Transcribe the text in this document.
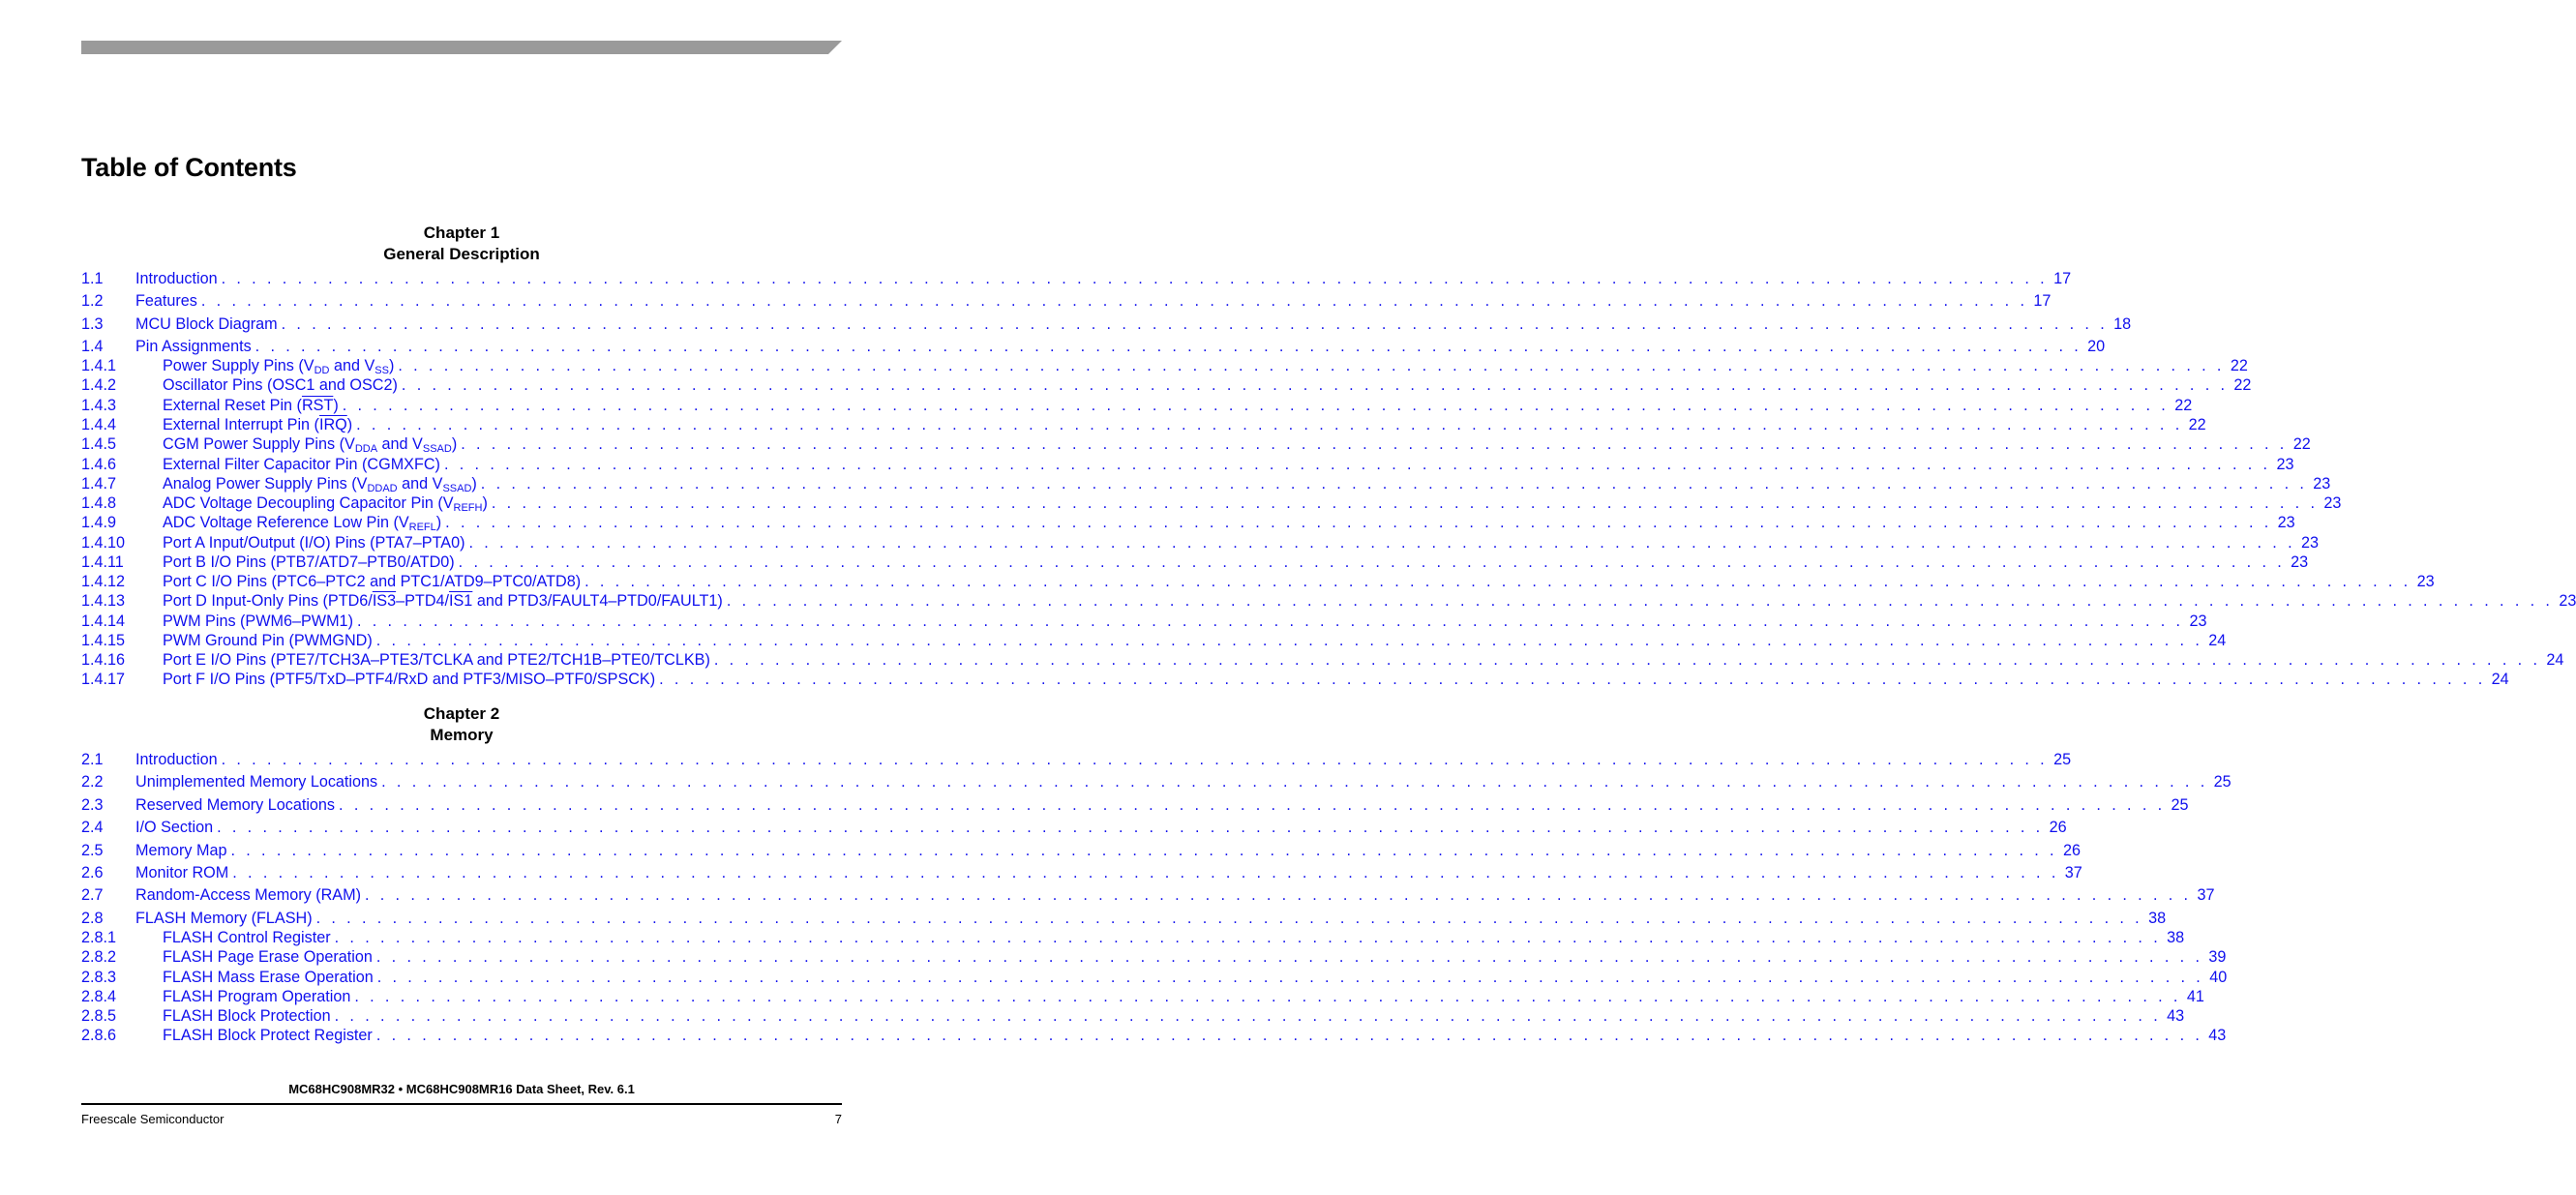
Table of Contents
Chapter 1
General Description
1.1	Introduction . . . . . . . . . . . . . . . . . . . . . . . . . . . . . . . . . . . . . . . . . . . . . . . . . . . . . . . . . . . . . . . . . . . . . . . . . . . . . . . . . . . . . . . . . . . . . . . . . . . . . . . . . . . . . . . . . . . . . . . . 17
1.2	Features . . . . . . . . . . . . . . . . . . . . . . . . . . . . . . . . . . . . . . . . . . . . . . . . . . . . . . . . . . . . . . . . . . . . . . . . . . . . . . . . . . . . . . . . . . . . . . . . . . . . . . . . . . . . . . . . . . . . . . . . 17
1.3	MCU Block Diagram . . . . . . . . . . . . . . . . . . . . . . . . . . . . . . . . . . . . . . . . . . . . . . . . . . . . . . . . . . . . . . . . . . . . . . . . . . . . . . . . . . . . . . . . . . . . . . . . . . . . . . . . . . . . . . . . . . . . . . . . 18
1.4	Pin Assignments . . . . . . . . . . . . . . . . . . . . . . . . . . . . . . . . . . . . . . . . . . . . . . . . . . . . . . . . . . . . . . . . . . . . . . . . . . . . . . . . . . . . . . . . . . . . . . . . . . . . . . . . . . . . . . . . . . . . . . . . 20
1.4.1	Power Supply Pins ($V_{DD}$ and $V_{SS}$) . . . . . . . . . . . . . . . . . . . . . . . . . . . . . . . . . . . . . . . . . . . . . . . . . . . . . . . . . . . . . . . . . . . . . . . . . . . . . . . . . . . . . . . . . . . . . . . . . . . . . . . . . . . . . . . . . . . . . . . . 22
1.4.2	Oscillator Pins (OSC1 and OSC2) . . . . . . . . . . . . . . . . . . . . . . . . . . . . . . . . . . . . . . . . . . . . . . . . . . . . . . . . . . . . . . . . . . . . . . . . . . . . . . . . . . . . . . . . . . . . . . . . . . . . . . . . . . . . . . . . . . . . . . . . 22
1.4.3	External Reset Pin $(\overline{RST})$ . . . . . . . . . . . . . . . . . . . . . . . . . . . . . . . . . . . . . . . . . . . . . . . . . . . . . . . . . . . . . . . . . . . . . . . . . . . . . . . . . . . . . . . . . . . . . . . . . . . . . . . . . . . . . . . . . . . . . . . . 22
1.4.4	External Interrupt Pin $(\overline{IRQ})$ . . . . . . . . . . . . . . . . . . . . . . . . . . . . . . . . . . . . . . . . . . . . . . . . . . . . . . . . . . . . . . . . . . . . . . . . . . . . . . . . . . . . . . . . . . . . . . . . . . . . . . . . . . . . . . . . . . . . . . . . 22
1.4.5	CGM Power Supply Pins ($V_{DDA}$ and $V_{SSAD}$) . . . . . . . . . . . . . . . . . . . . . . . . . . . . . . . . . . . . . . . . . . . . . . . . . . . . . . . . . . . . . . . . . . . . . . . . . . . . . . . . . . . . . . . . . . . . . . . . . . . . . . . . . . . . . . . . . . . . . . . . 22
1.4.6	External Filter Capacitor Pin (CGMXFC) . . . . . . . . . . . . . . . . . . . . . . . . . . . . . . . . . . . . . . . . . . . . . . . . . . . . . . . . . . . . . . . . . . . . . . . . . . . . . . . . . . . . . . . . . . . . . . . . . . . . . . . . . . . . . . . . . . . . . . . . 23
1.4.7	Analog Power Supply Pins ($V_{DDAD}$ and $V_{SSAD}$) . . . . . . . . . . . . . . . . . . . . . . . . . . . . . . . . . . . . . . . . . . . . . . . . . . . . . . . . . . . . . . . . . . . . . . . . . . . . . . . . . . . . . . . . . . . . . . . . . . . . . . . . . . . . . . . . . . . . . . . . 23
1.4.8	ADC Voltage Decoupling Capacitor Pin $(V_{REFH})$ . . . . . . . . . . . . . . . . . . . . . . . . . . . . . . . . . . . . . . . . . . . . . . . . . . . . . . . . . . . . . . . . . . . . . . . . . . . . . . . . . . . . . . . . . . . . . . . . . . . . . . . . . . . . . . . . . . . . . . . . 23
1.4.9	ADC Voltage Reference Low Pin $(V_{REFL})$ . . . . . . . . . . . . . . . . . . . . . . . . . . . . . . . . . . . . . . . . . . . . . . . . . . . . . . . . . . . . . . . . . . . . . . . . . . . . . . . . . . . . . . . . . . . . . . . . . . . . . . . . . . . . . . . . . . . . . . . . 23
1.4.10	Port A Input/Output (I/O) Pins (PTA7–PTA0) . . . . . . . . . . . . . . . . . . . . . . . . . . . . . . . . . . . . . . . . . . . . . . . . . . . . . . . . . . . . . . . . . . . . . . . . . . . . . . . . . . . . . . . . . . . . . . . . . . . . . . . . . . . . . . . . . . . . . . . . 23
1.4.11	Port B I/O Pins (PTB7/ATD7–PTB0/ATD0) . . . . . . . . . . . . . . . . . . . . . . . . . . . . . . . . . . . . . . . . . . . . . . . . . . . . . . . . . . . . . . . . . . . . . . . . . . . . . . . . . . . . . . . . . . . . . . . . . . . . . . . . . . . . . . . . . . . . . . . . 23
1.4.12	Port C I/O Pins (PTC6–PTC2 and PTC1/ATD9–PTC0/ATD8) . . . . . . . . . . . . . . . . . . . . . . . . . . . . . . . . . . . . . . . . . . . . . . . . . . . . . . . . . . . . . . . . . . . . . . . . . . . . . . . . . . . . . . . . . . . . . . . . . . . . . . . . . . . . . . . . . . . . . . . . 23
1.4.13	Port D Input-Only Pins (PTD6/IS3–PTD4/IS1 and PTD3/FAULT4–PTD0/FAULT1) . . . . . . . . . . . . . . . . . . . . . . . . . . . . . . . . . . . . . . . . . . . . . . . . . . . . . . . . . . . . . . . . . . . . . . . . . . . . . . . . . . . . . . . . . . . . . . . . . . . . . . . . . . . . . . . . . . . . . . . . 23
1.4.14	PWM Pins (PWM6–PWM1) . . . . . . . . . . . . . . . . . . . . . . . . . . . . . . . . . . . . . . . . . . . . . . . . . . . . . . . . . . . . . . . . . . . . . . . . . . . . . . . . . . . . . . . . . . . . . . . . . . . . . . . . . . . . . . . . . . . . . . . . 23
1.4.15	PWM Ground Pin (PWMGND) . . . . . . . . . . . . . . . . . . . . . . . . . . . . . . . . . . . . . . . . . . . . . . . . . . . . . . . . . . . . . . . . . . . . . . . . . . . . . . . . . . . . . . . . . . . . . . . . . . . . . . . . . . . . . . . . . . . . . . . . 24
1.4.16	Port E I/O Pins (PTE7/TCH3A–PTE3/TCLKA and PTE2/TCH1B–PTE0/TCLKB) . . . . . . . . . . . . . . . . . . . . . . . . . . . . . . . . . . . . . . . . . . . . . . . . . . . . . . . . . . . . . . . . . . . . . . . . . . . . . . . . . . . . . . . . . . . . . . . . . . . . . . . . . . . . . . . . . . . . . . . . 24
1.4.17	Port F I/O Pins (PTF5/TxD–PTF4/RxD and PTF3/MISO–PTF0/SPSCK) . . . . . . . . . . . . . . . . . . . . . . . . . . . . . . . . . . . . . . . . . . . . . . . . . . . . . . . . . . . . . . . . . . . . . . . . . . . . . . . . . . . . . . . . . . . . . . . . . . . . . . . . . . . . . . . . . . . . . . . . 24
Chapter 2
Memory
2.1	Introduction . . . . . . . . . . . . . . . . . . . . . . . . . . . . . . . . . . . . . . . . . . . . . . . . . . . . . . . . . . . . . . . . . . . . . . . . . . . . . . . . . . . . . . . . . . . . . . . . . . . . . . . . . . . . . . . . . . . . . . . . 25
2.2	Unimplemented Memory Locations . . . . . . . . . . . . . . . . . . . . . . . . . . . . . . . . . . . . . . . . . . . . . . . . . . . . . . . . . . . . . . . . . . . . . . . . . . . . . . . . . . . . . . . . . . . . . . . . . . . . . . . . . . . . . . . . . . . . . . . . 25
2.3	Reserved Memory Locations . . . . . . . . . . . . . . . . . . . . . . . . . . . . . . . . . . . . . . . . . . . . . . . . . . . . . . . . . . . . . . . . . . . . . . . . . . . . . . . . . . . . . . . . . . . . . . . . . . . . . . . . . . . . . . . . . . . . . . . . 25
2.4	I/O Section . . . . . . . . . . . . . . . . . . . . . . . . . . . . . . . . . . . . . . . . . . . . . . . . . . . . . . . . . . . . . . . . . . . . . . . . . . . . . . . . . . . . . . . . . . . . . . . . . . . . . . . . . . . . . . . . . . . . . . . . 26
2.5	Memory Map . . . . . . . . . . . . . . . . . . . . . . . . . . . . . . . . . . . . . . . . . . . . . . . . . . . . . . . . . . . . . . . . . . . . . . . . . . . . . . . . . . . . . . . . . . . . . . . . . . . . . . . . . . . . . . . . . . . . . . . . 26
2.6	Monitor ROM . . . . . . . . . . . . . . . . . . . . . . . . . . . . . . . . . . . . . . . . . . . . . . . . . . . . . . . . . . . . . . . . . . . . . . . . . . . . . . . . . . . . . . . . . . . . . . . . . . . . . . . . . . . . . . . . . . . . . . . . 37
2.7	Random-Access Memory (RAM) . . . . . . . . . . . . . . . . . . . . . . . . . . . . . . . . . . . . . . . . . . . . . . . . . . . . . . . . . . . . . . . . . . . . . . . . . . . . . . . . . . . . . . . . . . . . . . . . . . . . . . . . . . . . . . . . . . . . . . . . 37
2.8	FLASH Memory (FLASH) . . . . . . . . . . . . . . . . . . . . . . . . . . . . . . . . . . . . . . . . . . . . . . . . . . . . . . . . . . . . . . . . . . . . . . . . . . . . . . . . . . . . . . . . . . . . . . . . . . . . . . . . . . . . . . . . . . . . . . . . 38
2.8.1	FLASH Control Register . . . . . . . . . . . . . . . . . . . . . . . . . . . . . . . . . . . . . . . . . . . . . . . . . . . . . . . . . . . . . . . . . . . . . . . . . . . . . . . . . . . . . . . . . . . . . . . . . . . . . . . . . . . . . . . . . . . . . . . . 38
2.8.2	FLASH Page Erase Operation . . . . . . . . . . . . . . . . . . . . . . . . . . . . . . . . . . . . . . . . . . . . . . . . . . . . . . . . . . . . . . . . . . . . . . . . . . . . . . . . . . . . . . . . . . . . . . . . . . . . . . . . . . . . . . . . . . . . . . . . 39
2.8.3	FLASH Mass Erase Operation . . . . . . . . . . . . . . . . . . . . . . . . . . . . . . . . . . . . . . . . . . . . . . . . . . . . . . . . . . . . . . . . . . . . . . . . . . . . . . . . . . . . . . . . . . . . . . . . . . . . . . . . . . . . . . . . . . . . . . . . 40
2.8.4	FLASH Program Operation . . . . . . . . . . . . . . . . . . . . . . . . . . . . . . . . . . . . . . . . . . . . . . . . . . . . . . . . . . . . . . . . . . . . . . . . . . . . . . . . . . . . . . . . . . . . . . . . . . . . . . . . . . . . . . . . . . . . . . . . 41
2.8.5	FLASH Block Protection . . . . . . . . . . . . . . . . . . . . . . . . . . . . . . . . . . . . . . . . . . . . . . . . . . . . . . . . . . . . . . . . . . . . . . . . . . . . . . . . . . . . . . . . . . . . . . . . . . . . . . . . . . . . . . . . . . . . . . . . 43
2.8.6	FLASH Block Protect Register . . . . . . . . . . . . . . . . . . . . . . . . . . . . . . . . . . . . . . . . . . . . . . . . . . . . . . . . . . . . . . . . . . . . . . . . . . . . . . . . . . . . . . . . . . . . . . . . . . . . . . . . . . . . . . . . . . . . . . . . 43
MC68HC908MR32 • MC68HC908MR16 Data Sheet, Rev. 6.1
Freescale Semiconductor	7
